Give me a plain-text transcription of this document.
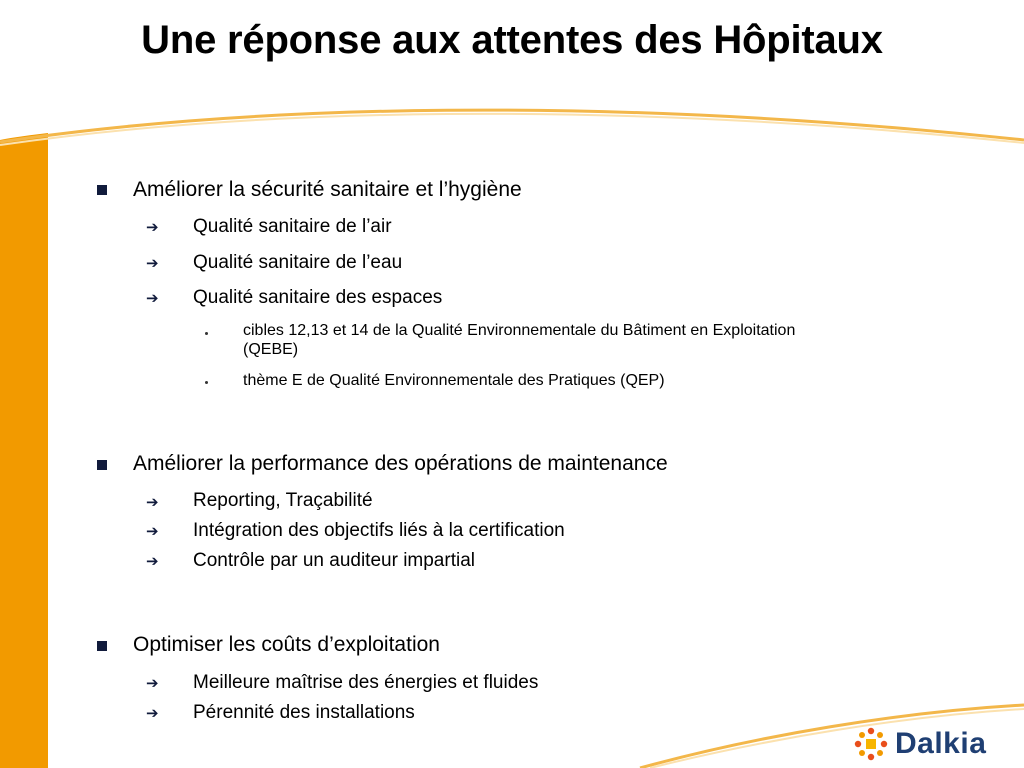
Une réponse aux attentes des Hôpitaux
Améliorer la sécurité sanitaire et l’hygiène
➔ Qualité sanitaire de l’air
➔ Qualité sanitaire de l’eau
➔ Qualité sanitaire des espaces
cibles 12,13 et 14 de la Qualité Environnementale du Bâtiment en Exploitation
(QEBE)
thème E de Qualité Environnementale des Pratiques (QEP)
Améliorer la performance des opérations de maintenance
➔ Reporting, Traçabilité
➔ Intégration des objectifs liés à la certification
➔ Contrôle par un auditeur impartial
Optimiser les coûts d’exploitation
➔ Meilleure maîtrise des énergies et fluides
➔ Pérennité des installations
Dalkia
